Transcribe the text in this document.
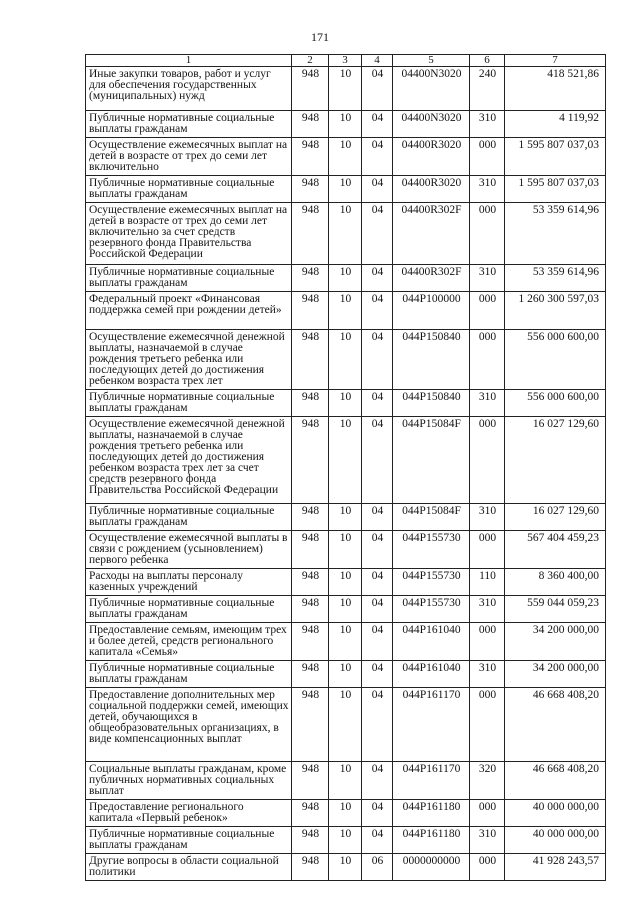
171
1	2	3	4	5	6	7
Иные закупки товаров, работ и услуг для обеспечения государственных (муниципальных) нужд	948	10	04	04400N3020	240	418 521,86
Публичные нормативные социальные выплаты гражданам	948	10	04	04400N3020	310	4 119,92
Осуществление ежемесячных выплат на детей в возрасте от трех до семи лет включительно	948	10	04	04400R3020	000	1 595 807 037,03
Публичные нормативные социальные выплаты гражданам	948	10	04	04400R3020	310	1 595 807 037,03
Осуществление ежемесячных выплат на детей в возрасте от трех до семи лет включительно за счет средств резервного фонда Правительства Российской Федерации	948	10	04	04400R302F	000	53 359 614,96
Публичные нормативные социальные выплаты гражданам	948	10	04	04400R302F	310	53 359 614,96
Федеральный проект «Финансовая поддержка семей при рождении детей»	948	10	04	044P100000	000	1 260 300 597,03
Осуществление ежемесячной денежной выплаты, назначаемой в случае рождения третьего ребенка или последующих детей до достижения ребенком возраста трех лет	948	10	04	044P150840	000	556 000 600,00
Публичные нормативные социальные выплаты гражданам	948	10	04	044P150840	310	556 000 600,00
Осуществление ежемесячной денежной выплаты, назначаемой в случае рождения третьего ребенка или последующих детей до достижения ребенком возраста трех лет за счет средств резервного фонда Правительства Российской Федерации	948	10	04	044P15084F	000	16 027 129,60
Публичные нормативные социальные выплаты гражданам	948	10	04	044P15084F	310	16 027 129,60
Осуществление ежемесячной выплаты в связи с рождением (усыновлением) первого ребенка	948	10	04	044P155730	000	567 404 459,23
Расходы на выплаты персоналу казенных учреждений	948	10	04	044P155730	110	8 360 400,00
Публичные нормативные социальные выплаты гражданам	948	10	04	044P155730	310	559 044 059,23
Предоставление семьям, имеющим трех и более детей, средств регионального капитала «Семья»	948	10	04	044P161040	000	34 200 000,00
Публичные нормативные социальные выплаты гражданам	948	10	04	044P161040	310	34 200 000,00
Предоставление дополнительных мер социальной поддержки семей, имеющих детей, обучающихся в общеобразовательных организациях, в виде компенсационных выплат	948	10	04	044P161170	000	46 668 408,20
Социальные выплаты гражданам, кроме публичных нормативных социальных выплат	948	10	04	044P161170	320	46 668 408,20
Предоставление регионального капитала «Первый ребенок»	948	10	04	044P161180	000	40 000 000,00
Публичные нормативные социальные выплаты гражданам	948	10	04	044P161180	310	40 000 000,00
Другие вопросы в области социальной политики	948	10	06	0000000000	000	41 928 243,57
